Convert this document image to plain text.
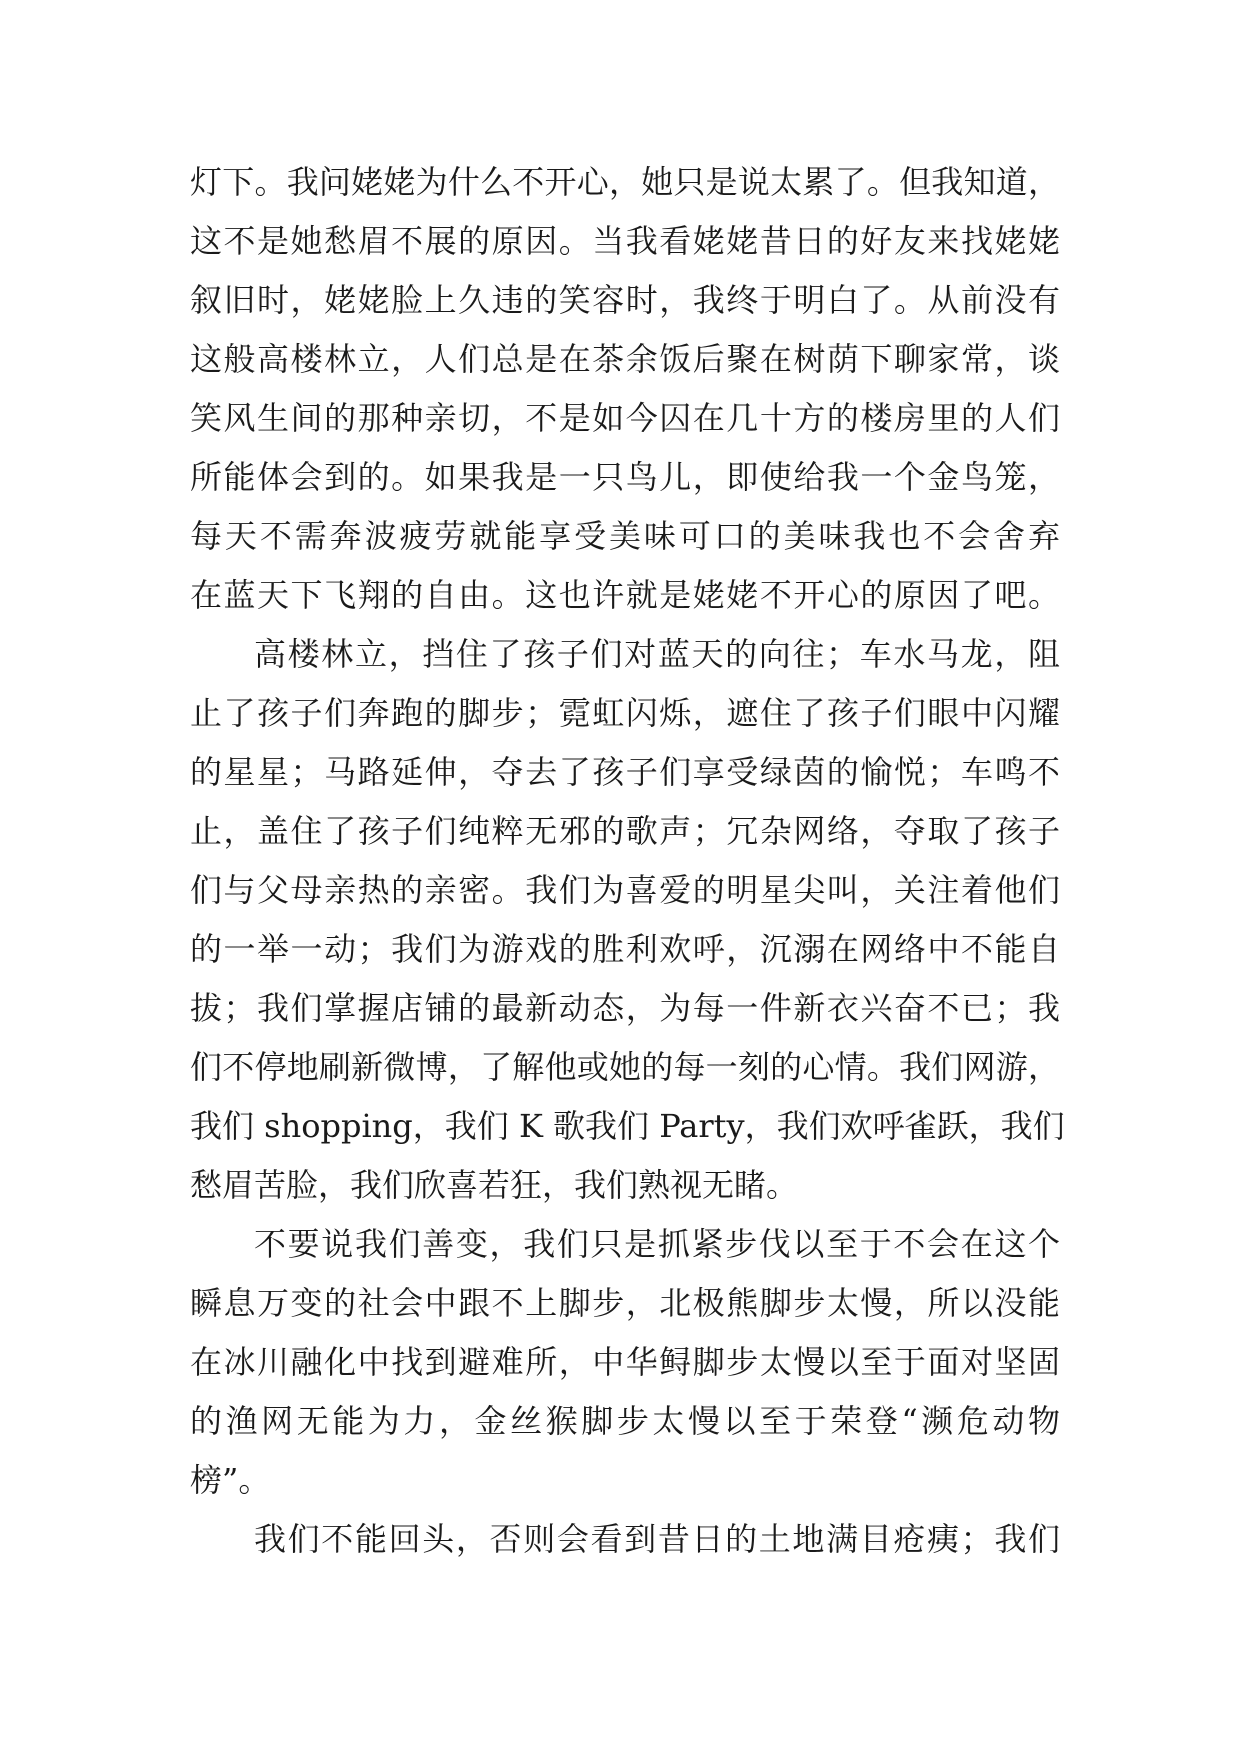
灯下。我问姥姥为什么不开心，她只是说太累了。但我知道，
这不是她愁眉不展的原因。当我看姥姥昔日的好友来找姥姥
叙旧时，姥姥脸上久违的笑容时，我终于明白了。从前没有
这般高楼林立，人们总是在茶余饭后聚在树荫下聊家常，谈
笑风生间的那种亲切，不是如今囚在几十方的楼房里的人们
所能体会到的。如果我是一只鸟儿，即使给我一个金鸟笼，
每天不需奔波疲劳就能享受美味可口的美味我也不会舍弃
在蓝天下飞翔的自由。这也许就是姥姥不开心的原因了吧。
高楼林立，挡住了孩子们对蓝天的向往；车水马龙，阻
止了孩子们奔跑的脚步；霓虹闪烁，遮住了孩子们眼中闪耀
的星星；马路延伸，夺去了孩子们享受绿茵的愉悦；车鸣不
止，盖住了孩子们纯粹无邪的歌声；冗杂网络，夺取了孩子
们与父母亲热的亲密。我们为喜爱的明星尖叫，关注着他们
的一举一动；我们为游戏的胜利欢呼，沉溺在网络中不能自
拔；我们掌握店铺的最新动态，为每一件新衣兴奋不已；我
们不停地刷新微博，了解他或她的每一刻的心情。我们网游，
我们 shopping，我们 K 歌我们 Party，我们欢呼雀跃，我们
愁眉苦脸，我们欣喜若狂，我们熟视无睹。
不要说我们善变，我们只是抓紧步伐以至于不会在这个
瞬息万变的社会中跟不上脚步，北极熊脚步太慢，所以没能
在冰川融化中找到避难所，中华鲟脚步太慢以至于面对坚固
的渔网无能为力，金丝猴脚步太慢以至于荣登“濒危动物
榜”。
我们不能回头，否则会看到昔日的土地满目疮痍；我们
